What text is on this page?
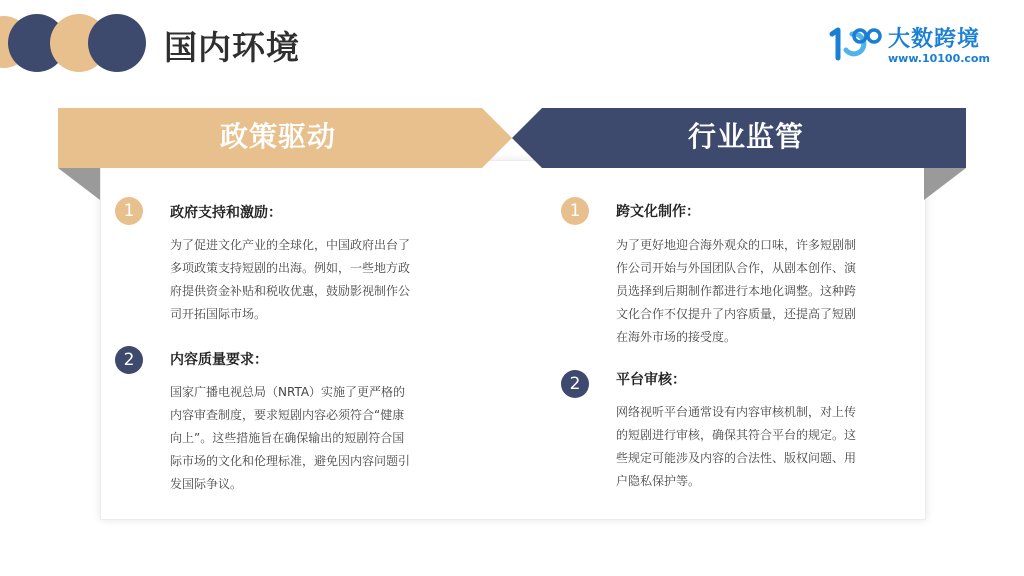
国内环境	大数跨境
www.10100.com
政策驱动	行业监管
1	政府支持和激励：
为了促进文化产业的全球化，中国政府出台了
多项政策支持短剧的出海。例如，一些地方政
府提供资金补贴和税收优惠，鼓励影视制作公
司开拓国际市场。
2	内容质量要求：
国家广播电视总局（NRTA）实施了更严格的
内容审查制度，要求短剧内容必须符合“健康
向上”。这些措施旨在确保输出的短剧符合国
际市场的文化和伦理标准，避免因内容问题引
发国际争议。
1	跨文化制作：
为了更好地迎合海外观众的口味，许多短剧制
作公司开始与外国团队合作，从剧本创作、演
员选择到后期制作都进行本地化调整。这种跨
文化合作不仅提升了内容质量，还提高了短剧
在海外市场的接受度。
2	平台审核：
网络视听平台通常设有内容审核机制，对上传
的短剧进行审核，确保其符合平台的规定。这
些规定可能涉及内容的合法性、版权问题、用
户隐私保护等。
